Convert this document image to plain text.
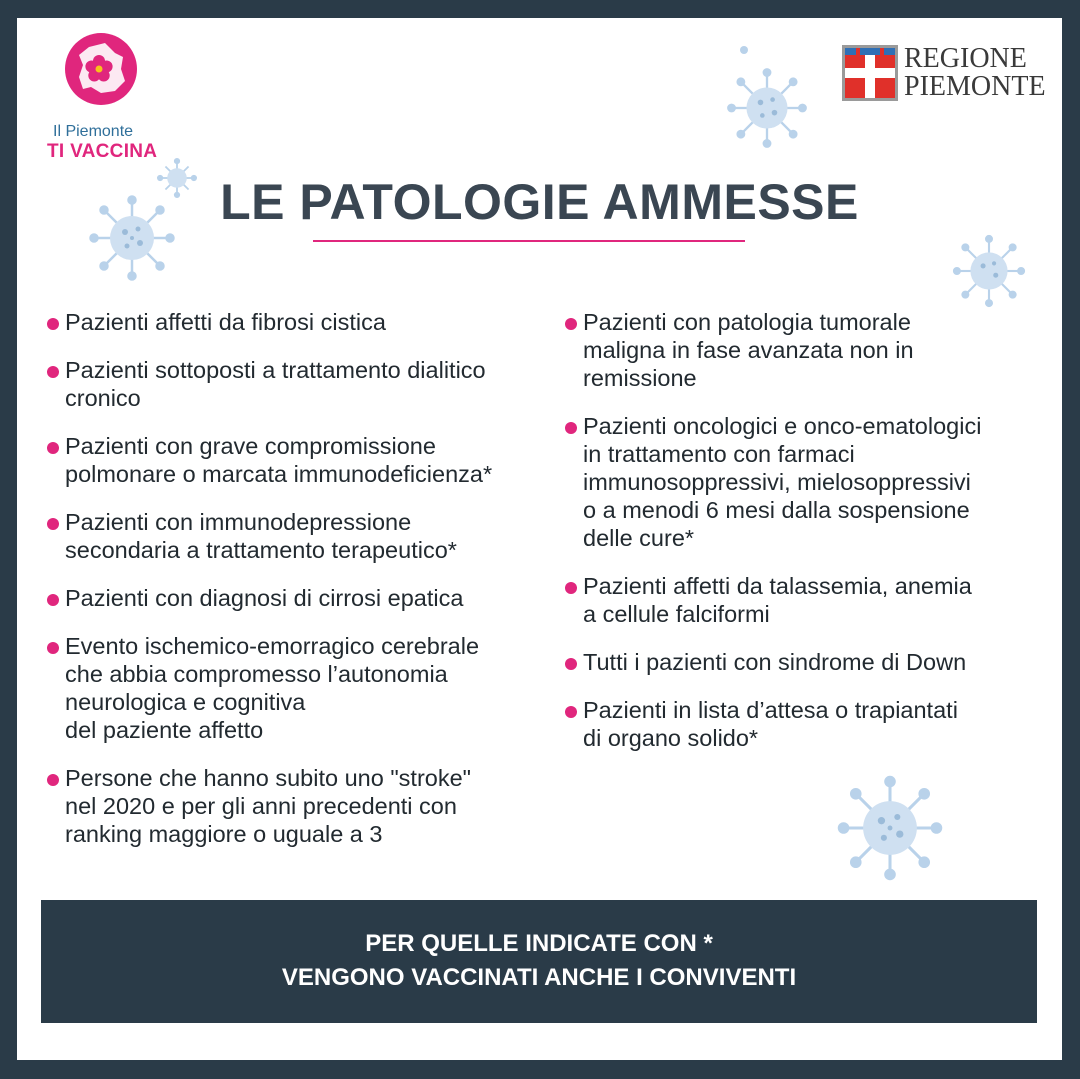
Il Piemonte
TI VACCINA
REGIONE
PIEMONTE
LE PATOLOGIE AMMESSE
Pazienti affetti da fibrosi cistica
Pazienti sottoposti a trattamento dialitico
cronico
Pazienti con grave compromissione
polmonare o marcata immunodeficienza*
Pazienti con immunodepressione
secondaria a trattamento terapeutico*
Pazienti con diagnosi di cirrosi epatica
Evento ischemico-emorragico cerebrale
che abbia compromesso l’autonomia
neurologica e cognitiva
del paziente affetto
Persone che hanno subito uno "stroke"
nel 2020 e per gli anni precedenti con
ranking maggiore o uguale a 3
Pazienti con patologia tumorale
maligna in fase avanzata non in
remissione
Pazienti oncologici e onco-ematologici
in trattamento con farmaci
immunosoppressivi, mielosoppressivi
o a menodi 6 mesi dalla sospensione
delle cure*
Pazienti affetti da talassemia, anemia
a cellule falciformi
Tutti i pazienti con sindrome di Down
Pazienti in lista d’attesa o trapiantati
di organo solido*
PER QUELLE INDICATE CON *
VENGONO VACCINATI ANCHE I CONVIVENTI
